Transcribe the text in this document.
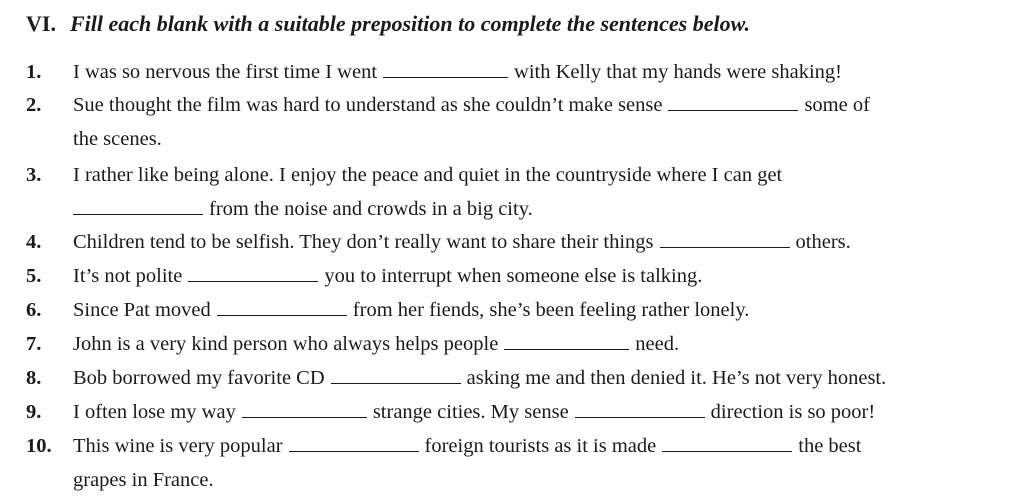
VI. Fill each blank with a suitable preposition to complete the sentences below.
1. I was so nervous the first time I went	with Kelly that my hands were shaking!
2. Sue thought the film was hard to understand as she couldn’t make sense	some of
the scenes.
3. I rather like being alone. I enjoy the peace and quiet in the countryside where I can get
from the noise and crowds in a big city.
4. Children tend to be selfish. They don’t really want to share their things	others.
5. It’s not polite	you to interrupt when someone else is talking.
6. Since Pat moved	from her fiends, she’s been feeling rather lonely.
7. John is a very kind person who always helps people	need.
8. Bob borrowed my favorite CD	asking me and then denied it. He’s not very honest.
9. I often lose my way	strange cities. My sense	direction is so poor!
10. This wine is very popular	foreign tourists as it is made	the best
grapes in France.
